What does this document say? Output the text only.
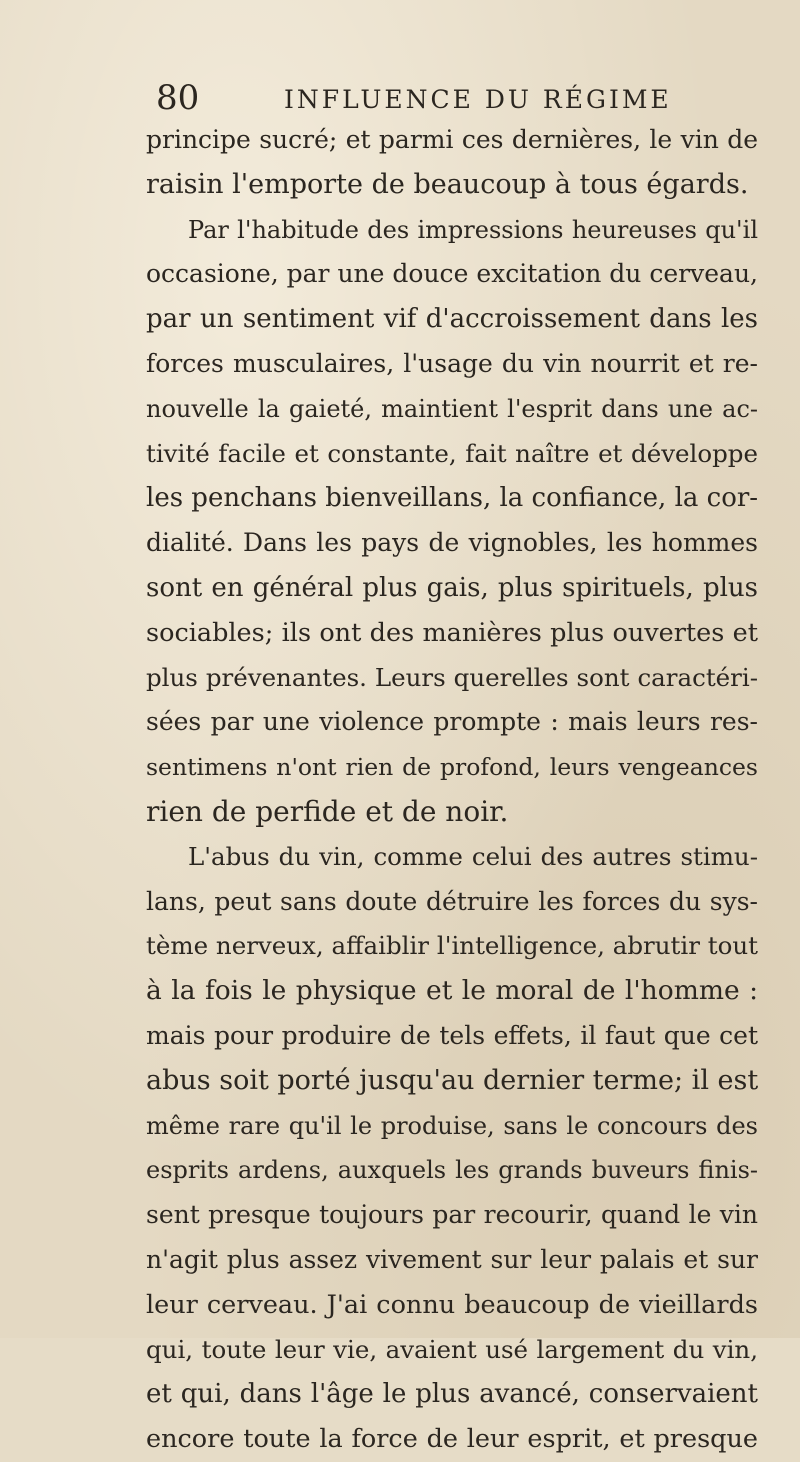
80	INFLUENCE DU RÉGIME
principe sucré; et parmi ces dernières, le vin de
raisin l'emporte de beaucoup à tous égards.
Par l'habitude des impressions heureuses qu'il
occasione, par une douce excitation du cerveau,
par un sentiment vif d'accroissement dans les
forces musculaires, l'usage du vin nourrit et re-
nouvelle la gaieté, maintient l'esprit dans une ac-
tivité facile et constante, fait naître et développe
les penchans bienveillans, la confiance, la cor-
dialité. Dans les pays de vignobles, les hommes
sont en général plus gais, plus spirituels, plus
sociables; ils ont des manières plus ouvertes et
plus prévenantes. Leurs querelles sont caractéri-
sées par une violence prompte : mais leurs res-
sentimens n'ont rien de profond, leurs vengeances
rien de perfide et de noir.
L'abus du vin, comme celui des autres stimu-
lans, peut sans doute détruire les forces du sys-
tème nerveux, affaiblir l'intelligence, abrutir tout
à la fois le physique et le moral de l'homme :
mais pour produire de tels effets, il faut que cet
abus soit porté jusqu'au dernier terme; il est
même rare qu'il le produise, sans le concours des
esprits ardens, auxquels les grands buveurs finis-
sent presque toujours par recourir, quand le vin
n'agit plus assez vivement sur leur palais et sur
leur cerveau. J'ai connu beaucoup de vieillards
qui, toute leur vie, avaient usé largement du vin,
et qui, dans l'âge le plus avancé, conservaient
encore toute la force de leur esprit, et presque
